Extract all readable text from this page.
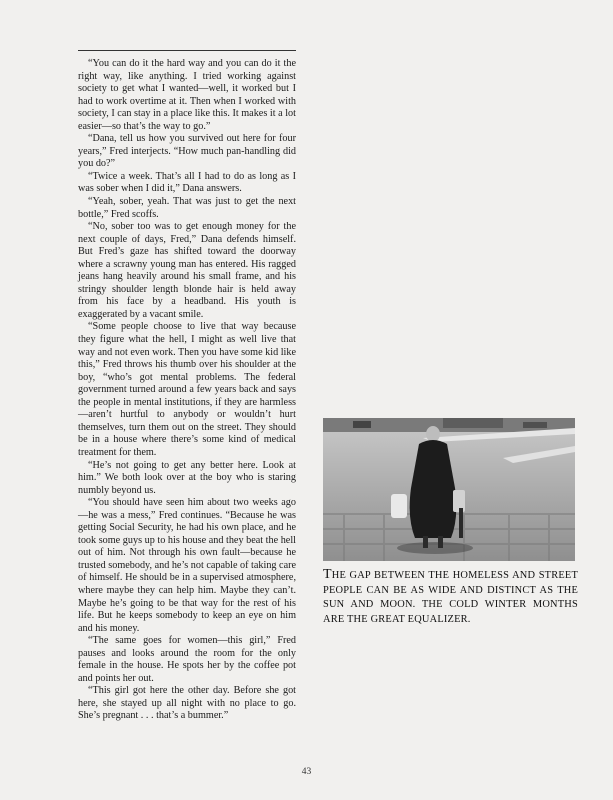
“You can do it the hard way and you can do it the right way, like anything. I tried working against society to get what I wanted—well, it worked but I had to work overtime at it. Then when I worked with society, I can stay in a place like this. It makes it a lot easier—so that’s the way to go.”

“Dana, tell us how you survived out here for four years,” Fred interjects. “How much pan-handling did you do?”

“Twice a week. That’s all I had to do as long as I was sober when I did it,” Dana answers.

“Yeah, sober, yeah. That was just to get the next bottle,” Fred scoffs.

“No, sober too was to get enough money for the next couple of days, Fred,” Dana defends himself. But Fred’s gaze has shifted toward the doorway where a scrawny young man has entered. His ragged jeans hang heavily around his small frame, and his stringy shoulder length blonde hair is held away from his face by a headband. His youth is exaggerated by a vacant smile.

“Some people choose to live that way because they figure what the hell, I might as well live that way and not even work. Then you have some kid like this,” Fred throws his thumb over his shoulder at the boy, “who’s got mental problems. The federal government turned around a few years back and says the people in mental institutions, if they are harmless—aren’t hurtful to anybody or wouldn’t hurt themselves, turn them out on the street. They should be in a house where there’s some kind of medical treatment for them.

“He’s not going to get any better here. Look at him.” We both look over at the boy who is staring numbly beyond us.

“You should have seen him about two weeks ago—he was a mess,” Fred continues. “Because he was getting Social Security, he had his own place, and he took some guys up to his house and they beat the hell out of him. Not through his own fault—because he trusted somebody, and he’s not capable of taking care of himself. He should be in a supervised atmosphere, where maybe they can help him. Maybe they can’t. Maybe he’s going to be that way for the rest of his life. But he keeps somebody to keep an eye on him and his money.

“The same goes for women—this girl,” Fred pauses and looks around the room for the only female in the house. He spots her by the coffee pot and points her out.

“This girl got here the other day. Before she got here, she stayed up all night with no place to go. She’s pregnant . . . that’s a bummer.”

THE GAP BETWEEN THE HOMELESS AND STREET PEOPLE CAN BE AS WIDE AND DISTINCT AS THE SUN AND MOON. THE COLD WINTER MONTHS ARE THE GREAT EQUALIZER.
43
